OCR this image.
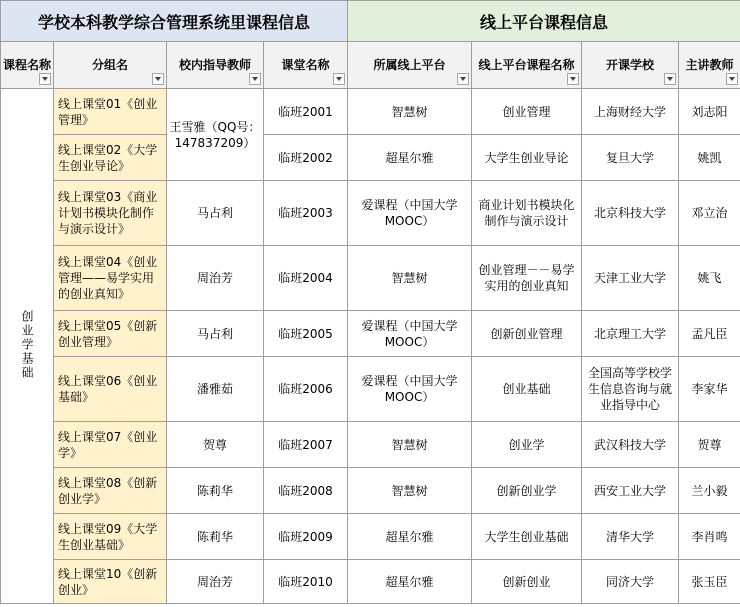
学校本科教学综合管理系统里课程信息				线上平台课程信息			
课程名称	分组名	校内指导教师	课堂名称	所属线上平台	线上平台课程名称	开课学校	主讲教师

创业学基础	线上课堂01《创业管理》	王雪雅（QQ号：147837209）	临班2001	智慧树	创业管理	上海财经大学	刘志阳
	线上课堂02《大学生创业导论》		临班2002	超星尔雅	大学生创业导论	复旦大学	姚凯
	线上课堂03《商业计划书模块化制作与演示设计》	马占利	临班2003	爱课程（中国大学MOOC）	商业计划书模块化制作与演示设计	北京科技大学	邓立治
	线上课堂04《创业管理——易学实用的创业真知》	周治芳	临班2004	智慧树	创业管理－－易学实用的创业真知	天津工业大学	姚飞
	线上课堂05《创新创业管理》	马占利	临班2005	爱课程（中国大学MOOC）	创新创业管理	北京理工大学	孟凡臣
	线上课堂06《创业基础》	潘雅茹	临班2006	爱课程（中国大学MOOC）	创业基础	全国高等学校学生信息咨询与就业指导中心	李家华
	线上课堂07《创业学》	贺尊	临班2007	智慧树	创业学	武汉科技大学	贺尊
	线上课堂08《创新创业学》	陈莉华	临班2008	智慧树	创新创业学	西安工业大学	兰小毅
	线上课堂09《大学生创业基础》	陈莉华	临班2009	超星尔雅	大学生创业基础	清华大学	李肖鸣
	线上课堂10《创新创业》	周治芳	临班2010	超星尔雅	创新创业	同济大学	张玉臣
